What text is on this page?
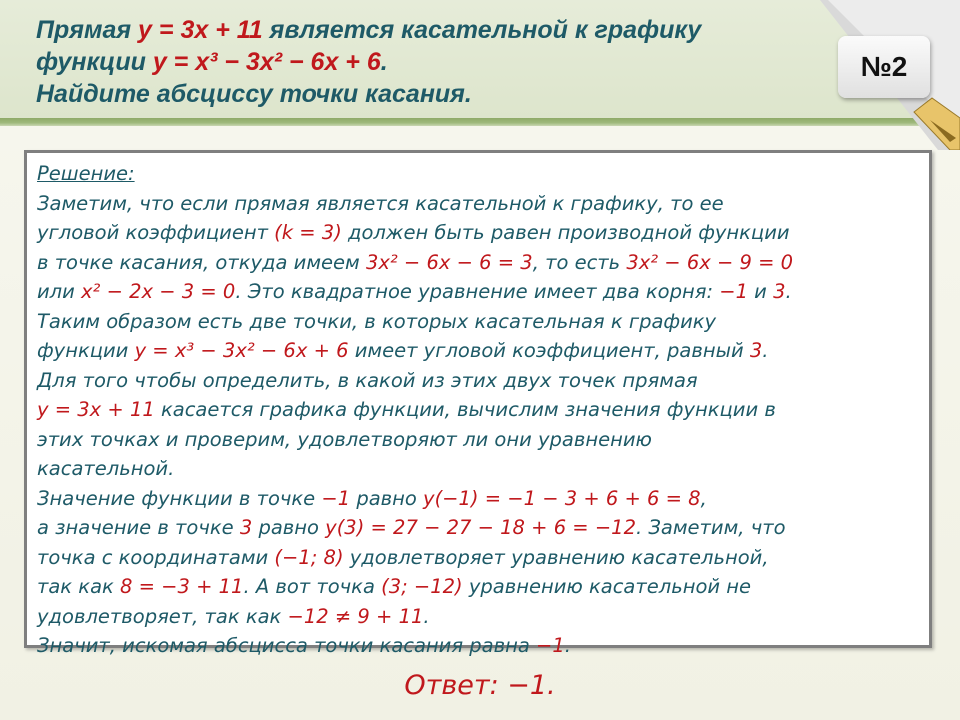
Прямая y = 3x + 11 является касательной к графику
функции y = x³ − 3x² − 6x + 6.
Найдите абсциссу точки касания.
№2
Решение:
Заметим, что если прямая является касательной к графику, то ее
угловой коэффициент (k = 3) должен быть равен производной функции
в точке касания, откуда имеем 3x² − 6x − 6 = 3, то есть 3x² − 6x − 9 = 0
или x² − 2x − 3 = 0. Это квадратное уравнение имеет два корня: −1 и 3.
Таким образом есть две точки, в которых касательная к графику
функции y = x³ − 3x² − 6x + 6 имеет угловой коэффициент, равный 3.
Для того чтобы определить, в какой из этих двух точек прямая
y = 3x + 11 касается графика функции, вычислим значения функции в
этих точках и проверим, удовлетворяют ли они уравнению
касательной.
Значение функции в точке −1 равно y(−1) = −1 − 3 + 6 + 6 = 8,
а значение в точке 3 равно y(3) = 27 − 27 − 18 + 6 = −12. Заметим, что
точка с координатами (−1; 8) удовлетворяет уравнению касательной,
так как 8 = −3 + 11. А вот точка (3; −12) уравнению касательной не
удовлетворяет, так как −12 ≠ 9 + 11.
Значит, искомая абсцисса точки касания равна −1.
Ответ: −1.
